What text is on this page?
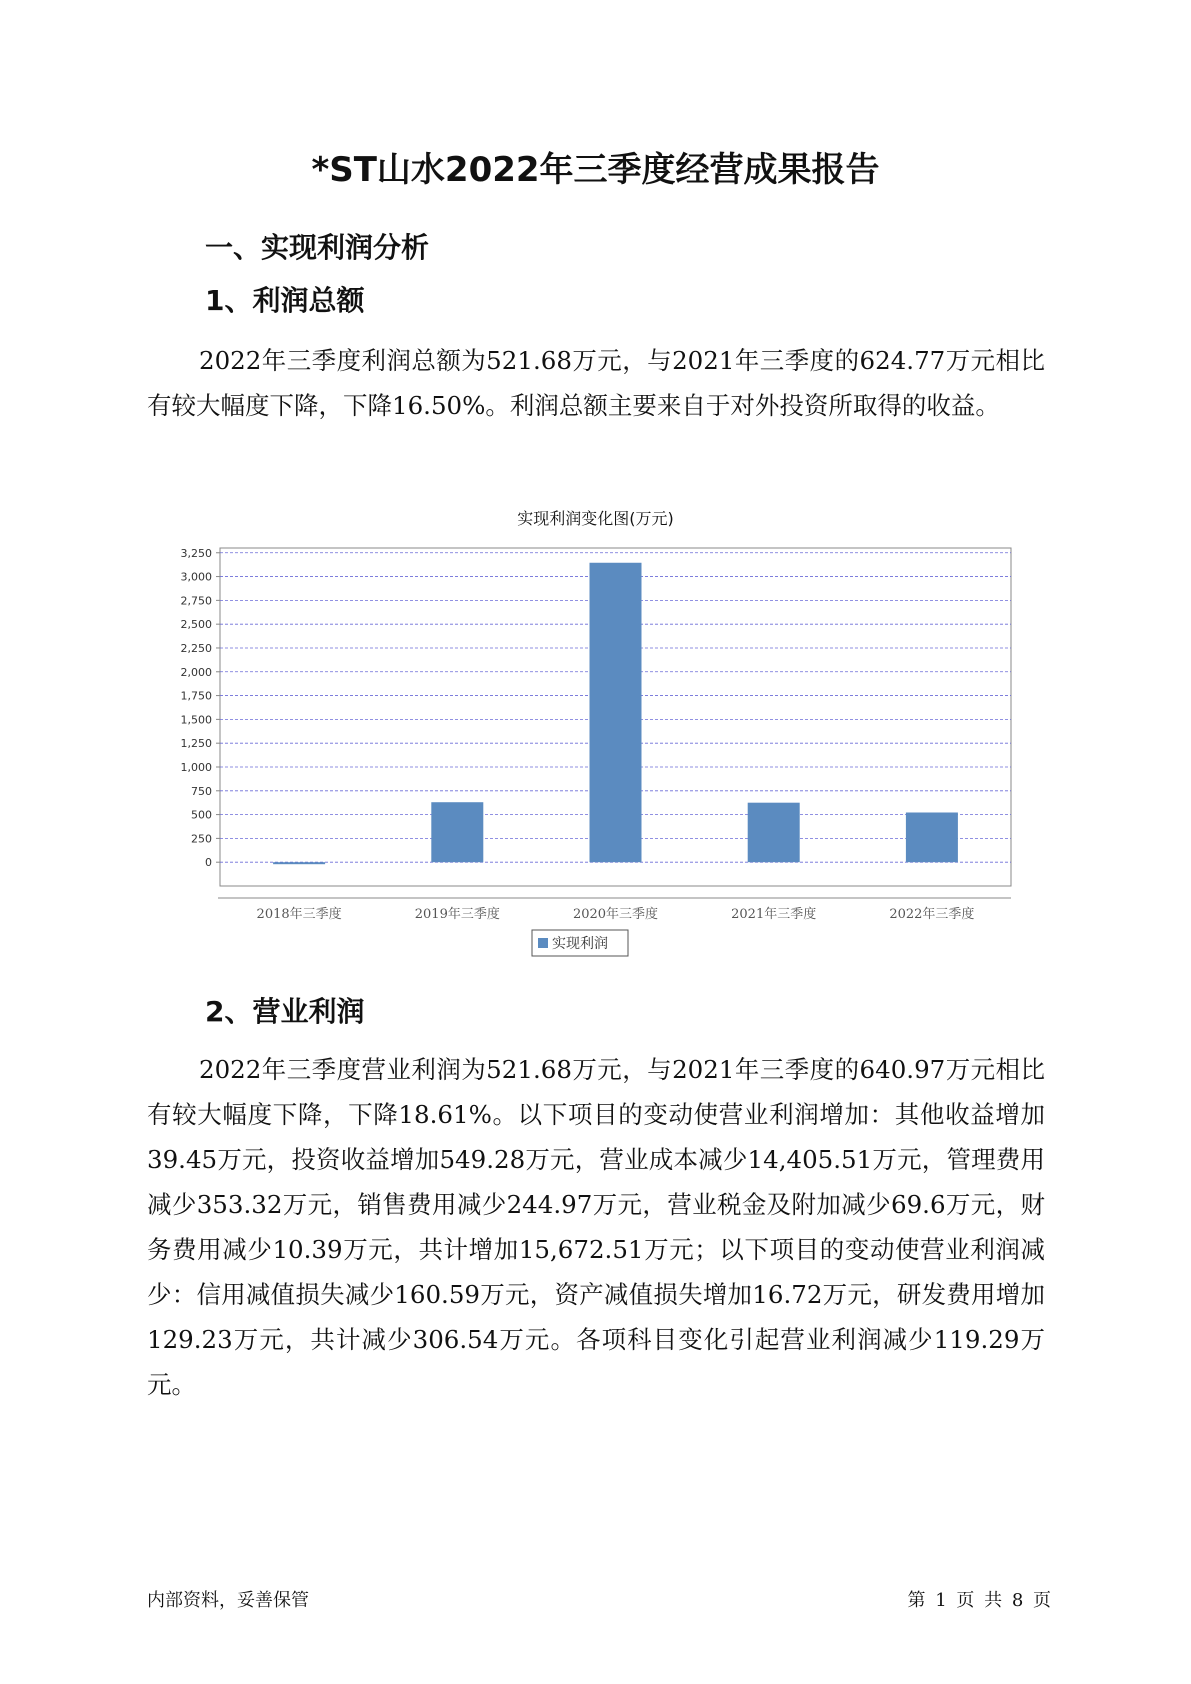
*ST山水2022年三季度经营成果报告
一、实现利润分析
1、利润总额

2022年三季度利润总额为521.68万元，与2021年三季度的624.77万元相比有较大幅度下降，下降16.50%。利润总额主要来自于对外投资所取得的收益。

实现利润变化图(万元)
0
250
500
750
1,000
1,250
1,500
1,750
2,000
2,250
2,500
2,750
3,000
3,250
2018年三季度	2019年三季度	2020年三季度	2021年三季度	2022年三季度
实现利润
2、营业利润

2022年三季度营业利润为521.68万元，与2021年三季度的640.97万元相比有较大幅度下降，下降18.61%。以下项目的变动使营业利润增加：其他收益增加39.45万元，投资收益增加549.28万元，营业成本减少14,405.51万元，管理费用减少353.32万元，销售费用减少244.97万元，营业税金及附加减少69.6万元，财务费用减少10.39万元，共计增加15,672.51万元；以下项目的变动使营业利润减少：信用减值损失减少160.59万元，资产减值损失增加16.72万元，研发费用增加129.23万元，共计减少306.54万元。各项科目变化引起营业利润减少119.29万元。

内部资料，妥善保管	第 1 页 共 8 页
